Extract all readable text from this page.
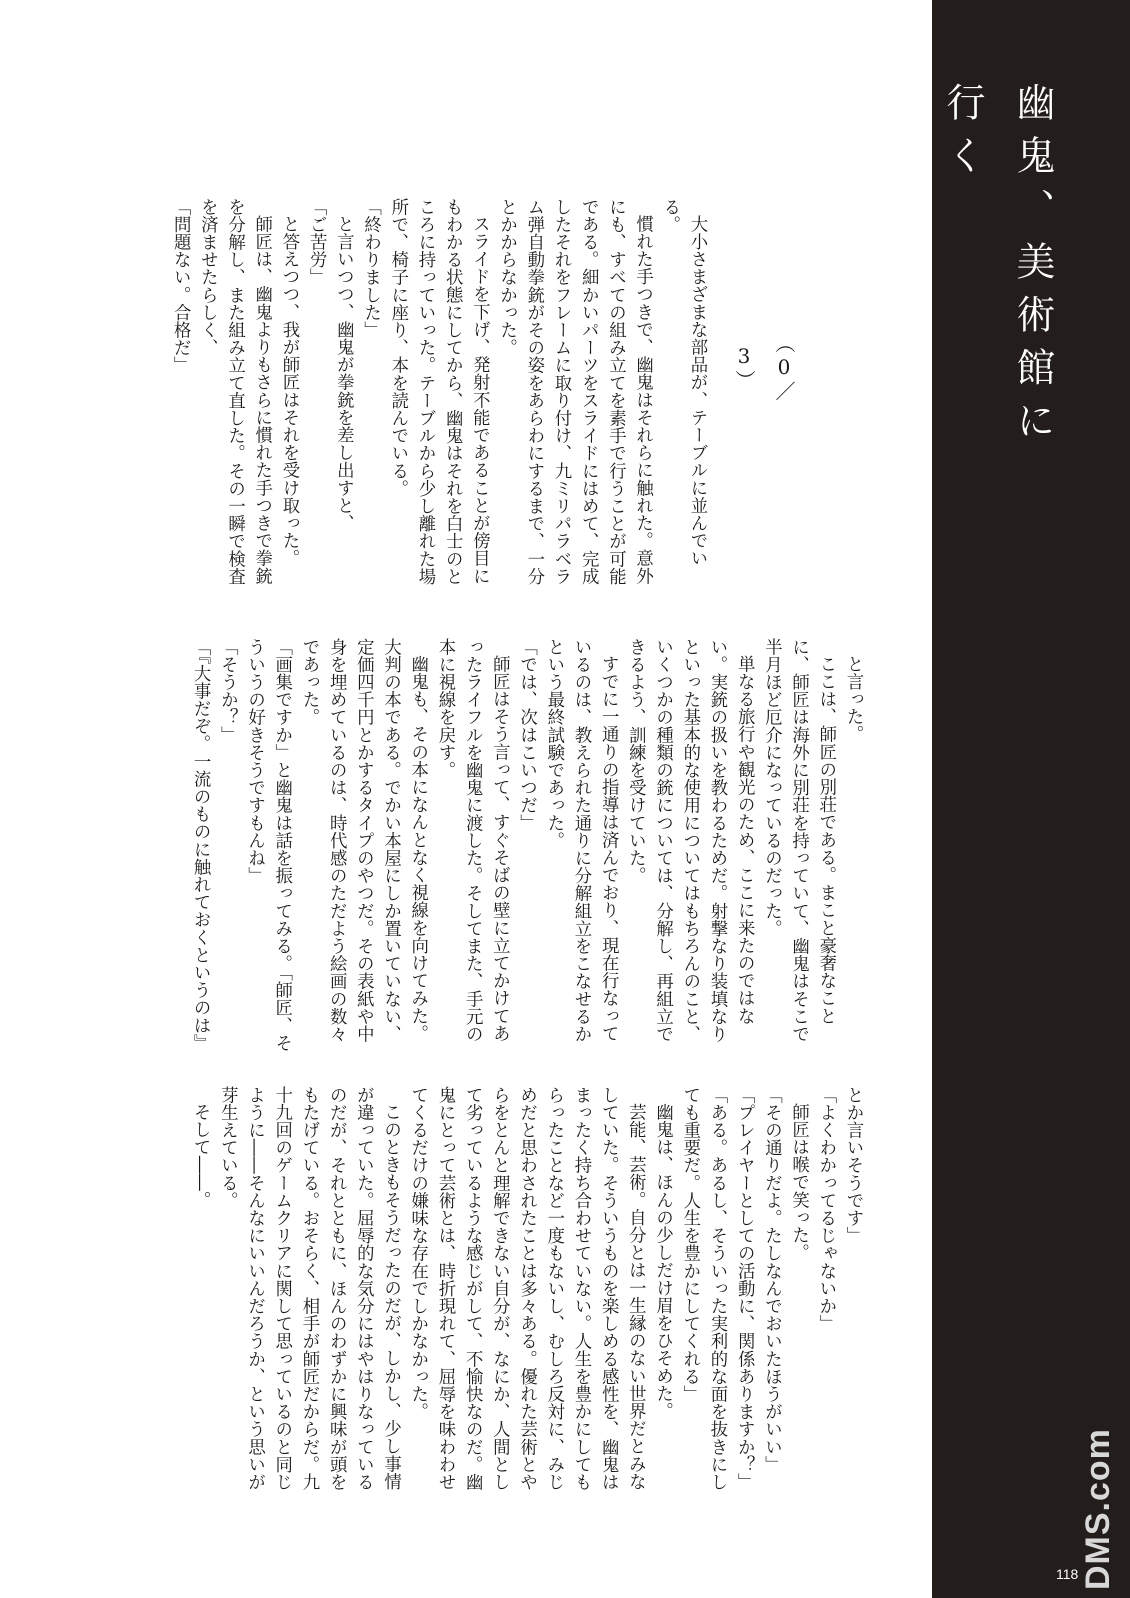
幽鬼、美術館に行く
DMS.com
118
（0／3）

大小さまざまな部品が、テーブルに並んでいる。

慣れた手つきで、幽鬼はそれらに触れた。意外にも、すべての組み立てを素手で行うことが可能である。細かいパーツをスライドにはめて、完成したそれをフレームに取り付け、九ミリパラベラム弾自動拳銃がその姿をあらわにするまで、一分とかからなかった。

スライドを下げ、発射不能であることが傍目にもわかる状態にしてから、幽鬼はそれを白士のところに持っていった。テーブルから少し離れた場所で、椅子に座り、本を読んでいる。

「終わりました」

と言いつつ、幽鬼が拳銃を差し出すと、

「ご苦労」

と答えつつ、我が師匠はそれを受け取った。

師匠は、幽鬼よりもさらに慣れた手つきで拳銃を分解し、また組み立て直した。その一瞬で検査を済ませたらしく、

「問題ない。合格だ」

と言った。

ここは、師匠の別荘である。まこと豪奢なことに、師匠は海外に別荘を持っていて、幽鬼はそこで半月ほど厄介になっているのだった。

単なる旅行や観光のため、ここに来たのではない。実銃の扱いを教わるためだ。射撃なり装填なりといった基本的な使用についてはもちろんのこと、いくつかの種類の銃については、分解し、再組立できるよう、訓練を受けていた。

すでに一通りの指導は済んでおり、現在行なっているのは、教えられた通りに分解組立をこなせるかという最終試験であった。

「では、次はこいつだ」

師匠はそう言って、すぐそばの壁に立てかけてあったライフルを幽鬼に渡した。そしてまた、手元の本に視線を戻す。

幽鬼も、その本になんとなく視線を向けてみた。大判の本である。でかい本屋にしか置いていない、定価四千円とかするタイプのやつだ。その表紙や中身を埋めているのは、時代感のただよう絵画の数々であった。

「画集ですか」と幽鬼は話を振ってみる。「師匠、そういうの好きそうですもんね」

「そうか？」

「『大事だぞ。一流のものに触れておくというのは』

とか言いそうです」

「よくわかってるじゃないか」

師匠は喉で笑った。

「その通りだよ。たしなんでおいたほうがいい」

「プレイヤーとしての活動に、関係ありますか？」

「ある。あるし、そういった実利的な面を抜きにしても重要だ。人生を豊かにしてくれる」

幽鬼は、ほんの少しだけ眉をひそめた。

芸能、芸術。自分とは一生縁のない世界だとみなしていた。そういうものを楽しめる感性を、幽鬼はまったく持ち合わせていない。人生を豊かにしてもらったことなど一度もないし、むしろ反対に、みじめだと思わされたことは多々ある。優れた芸術とやらをとんと理解できない自分が、なにか、人間として劣っているような感じがして、不愉快なのだ。幽鬼にとって芸術とは、時折現れて、屈辱を味わわせてくるだけの嫌味な存在でしかなかった。

このときもそうだったのだが、しかし、少し事情が違っていた。屈辱的な気分にはやはりなっているのだが、それとともに、ほんのわずかに興味が頭をもたげている。おそらく、相手が師匠だからだ。九十九回のゲームクリアに関して思っているのと同じように――そんなにいいんだろうか、という思いが芽生えている。

そして――。
